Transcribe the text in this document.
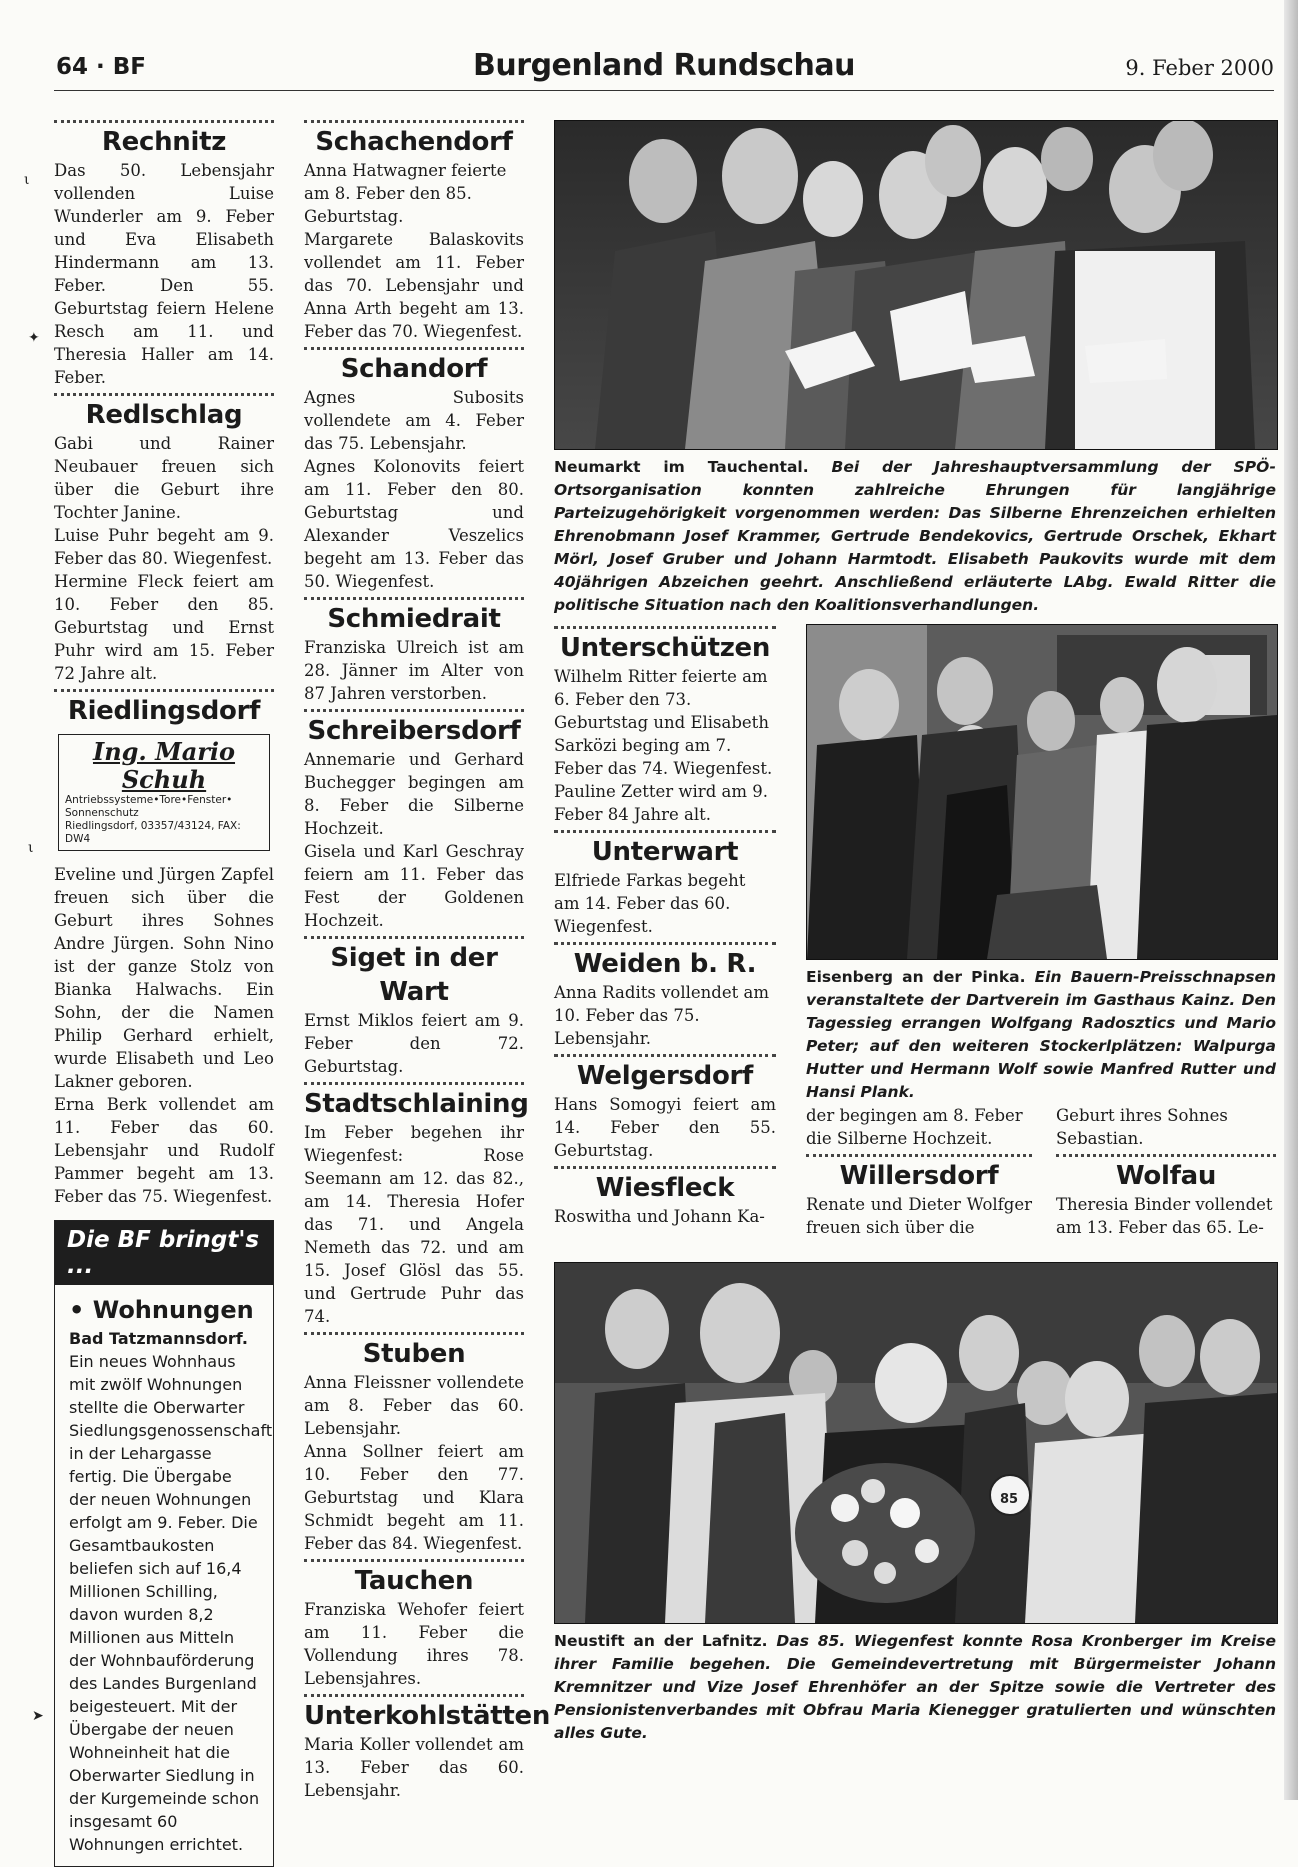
64 · BF	Burgenland Rundschau	9. Feber 2000
Rechnitz
Das 50. Lebensjahr vollenden Luise Wunderler am 9. Feber und Eva Elisabeth Hindermann am 13. Feber. Den 55. Geburtstag feiern Helene Resch am 11. und Theresia Haller am 14. Feber.
Redlschlag
Gabi und Rainer Neubauer freuen sich über die Geburt ihre Tochter Janine.
Luise Puhr begeht am 9. Feber das 80. Wiegenfest.
Hermine Fleck feiert am 10. Feber den 85. Geburtstag und Ernst Puhr wird am 15. Feber 72 Jahre alt.
Riedlingsdorf
Ing. Mario Schuh
Antriebssysteme•Tore•Fenster• Sonnenschutz
Riedlingsdorf, 03357/43124, FAX: DW4
Eveline und Jürgen Zapfel freuen sich über die Geburt ihres Sohnes Andre Jürgen. Sohn Nino ist der ganze Stolz von Bianka Halwachs. Ein Sohn, der die Namen Philip Gerhard erhielt, wurde Elisabeth und Leo Lakner geboren.
Erna Berk vollendet am 11. Feber das 60. Lebensjahr und Rudolf Pammer begeht am 13. Feber das 75. Wiegenfest.
Die BF bringt's ...
• Wohnungen
Bad Tatzmannsdorf. Ein neues Wohnhaus mit zwölf Wohnungen stellte die Oberwarter Siedlungsgenossenschaft in der Lehargasse fertig. Die Übergabe der neuen Wohnungen erfolgt am 9. Feber. Die Gesamtbaukosten beliefen sich auf 16,4 Millionen Schilling, davon wurden 8,2 Millionen aus Mitteln der Wohnbauförderung des Landes Burgenland beigesteuert. Mit der Übergabe der neuen Wohneinheit hat die Oberwarter Siedlung in der Kurgemeinde schon insgesamt 60 Wohnungen errichtet.
Schachendorf
Anna Hatwagner feierte am 8. Feber den 85. Geburtstag.
Margarete Balaskovits vollendet am 11. Feber das 70. Lebensjahr und Anna Arth begeht am 13. Feber das 70. Wiegenfest.
Schandorf
Agnes Subosits vollendete am 4. Feber das 75. Lebensjahr.
Agnes Kolonovits feiert am 11. Feber den 80. Geburtstag und Alexander Veszelics begeht am 13. Feber das 50. Wiegenfest.
Schmiedrait
Franziska Ulreich ist am 28. Jänner im Alter von 87 Jahren verstorben.
Schreibersdorf
Annemarie und Gerhard Buchegger begingen am 8. Feber die Silberne Hochzeit.
Gisela und Karl Geschray feiern am 11. Feber das Fest der Goldenen Hochzeit.
Siget in der Wart
Ernst Miklos feiert am 9. Feber den 72. Geburtstag.
Stadtschlaining
Im Feber begehen ihr Wiegenfest: Rose Seemann am 12. das 82., am 14. Theresia Hofer das 71. und Angela Nemeth das 72. und am 15. Josef Glösl das 55. und Gertrude Puhr das 74.
Stuben
Anna Fleissner vollendete am 8. Feber das 60. Lebensjahr.
Anna Sollner feiert am 10. Feber den 77. Geburtstag und Klara Schmidt begeht am 11. Feber das 84. Wiegenfest.
Tauchen
Franziska Wehofer feiert am 11. Feber die Vollendung ihres 78. Lebensjahres.
Unterkohlstätten
Maria Koller vollendet am 13. Feber das 60. Lebensjahr.
Neumarkt im Tauchental. Bei der Jahreshauptversammlung der SPÖ-Ortsorganisation konnten zahlreiche Ehrungen für langjährige Parteizugehörigkeit vorgenommen werden: Das Silberne Ehrenzeichen erhielten Ehrenobmann Josef Krammer, Gertrude Bendekovics, Gertrude Orschek, Ekhart Mörl, Josef Gruber und Johann Harmtodt. Elisabeth Paukovits wurde mit dem 40jährigen Abzeichen geehrt. Anschließend erläuterte LAbg. Ewald Ritter die politische Situation nach den Koalitionsverhandlungen.
Unterschützen
Wilhelm Ritter feierte am 6. Feber den 73. Geburtstag und Elisabeth Sarközi beging am 7. Feber das 74. Wiegenfest.
Pauline Zetter wird am 9. Feber 84 Jahre alt.
Unterwart
Elfriede Farkas begeht am 14. Feber das 60. Wiegenfest.
Weiden b. R.
Anna Radits vollendet am 10. Feber das 75. Lebensjahr.
Welgersdorf
Hans Somogyi feiert am 14. Feber den 55. Geburtstag.
Wiesfleck
Roswitha und Johann Ka-
Eisenberg an der Pinka. Ein Bauern-Preisschnapsen veranstaltete der Dartverein im Gasthaus Kainz. Den Tagessieg errangen Wolfgang Radosztics und Mario Peter; auf den weiteren Stockerlplätzen: Walpurga Hutter und Hermann Wolf sowie Manfred Rutter und Hansi Plank.
der begingen am 8. Feber die Silberne Hochzeit.
Willersdorf
Renate und Dieter Wolfger freuen sich über die
Geburt ihres Sohnes Sebastian.
Wolfau
Theresia Binder vollendet am 13. Feber das 65. Le-
85
Neustift an der Lafnitz. Das 85. Wiegenfest konnte Rosa Kronberger im Kreise ihrer Familie begehen. Die Gemeindevertretung mit Bürgermeister Johann Kremnitzer und Vize Josef Ehrenhöfer an der Spitze sowie die Vertreter des Pensionistenverbandes mit Obfrau Maria Kienegger gratulierten und wünschten alles Gute.
ι
✦
ι
➤
